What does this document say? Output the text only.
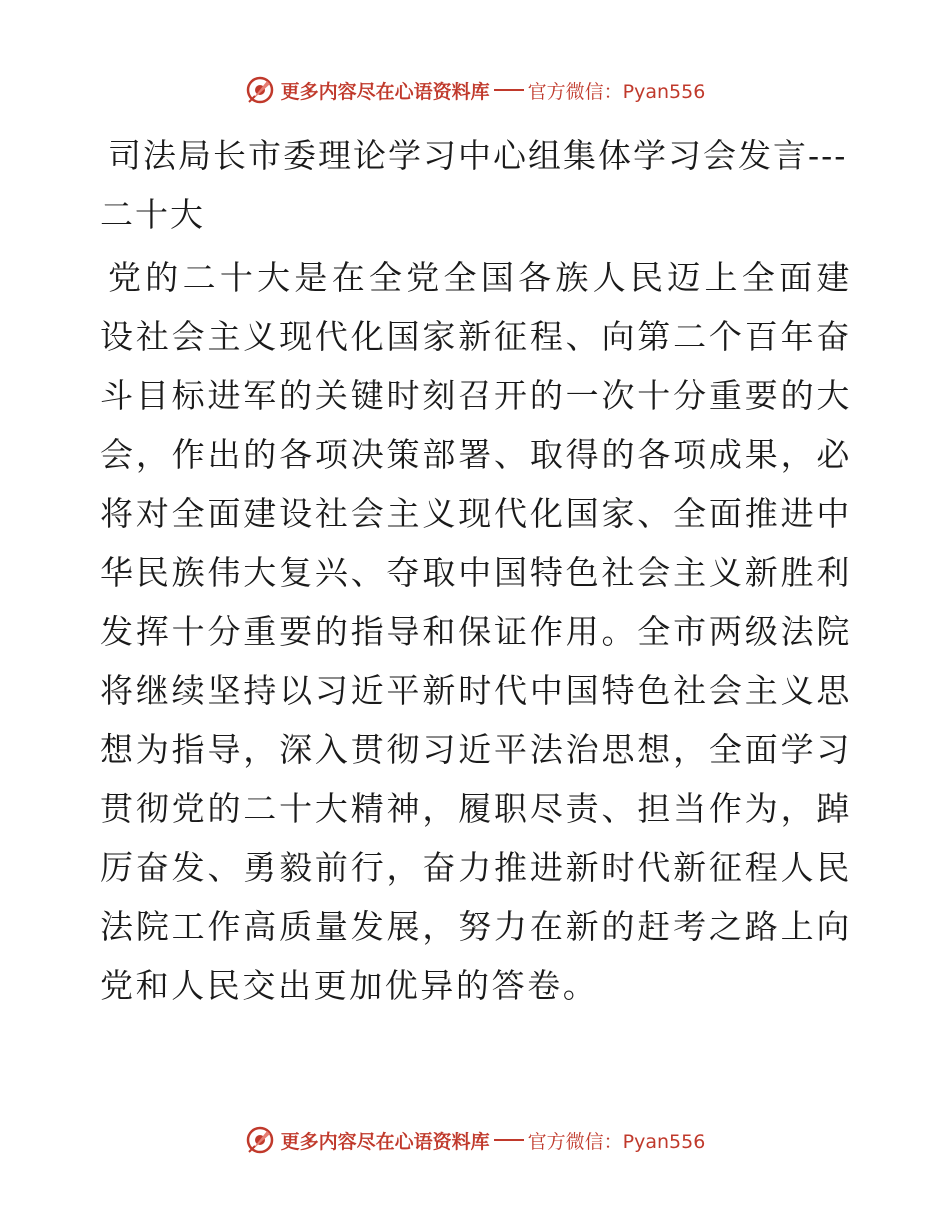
更多内容尽在心语资料库 官方微信：Pyan556
司法局长市委理论学习中心组集体学习会发言---二十大

党的二十大是在全党全国各族人民迈上全面建设社会主义现代化国家新征程、向第二个百年奋斗目标进军的关键时刻召开的一次十分重要的大会，作出的各项决策部署、取得的各项成果，必将对全面建设社会主义现代化国家、全面推进中华民族伟大复兴、夺取中国特色社会主义新胜利发挥十分重要的指导和保证作用。全市两级法院将继续坚持以习近平新时代中国特色社会主义思想为指导，深入贯彻习近平法治思想，全面学习贯彻党的二十大精神，履职尽责、担当作为，踔厉奋发、勇毅前行，奋力推进新时代新征程人民法院工作高质量发展，努力在新的赶考之路上向党和人民交出更加优异的答卷。

更多内容尽在心语资料库 官方微信：Pyan556
